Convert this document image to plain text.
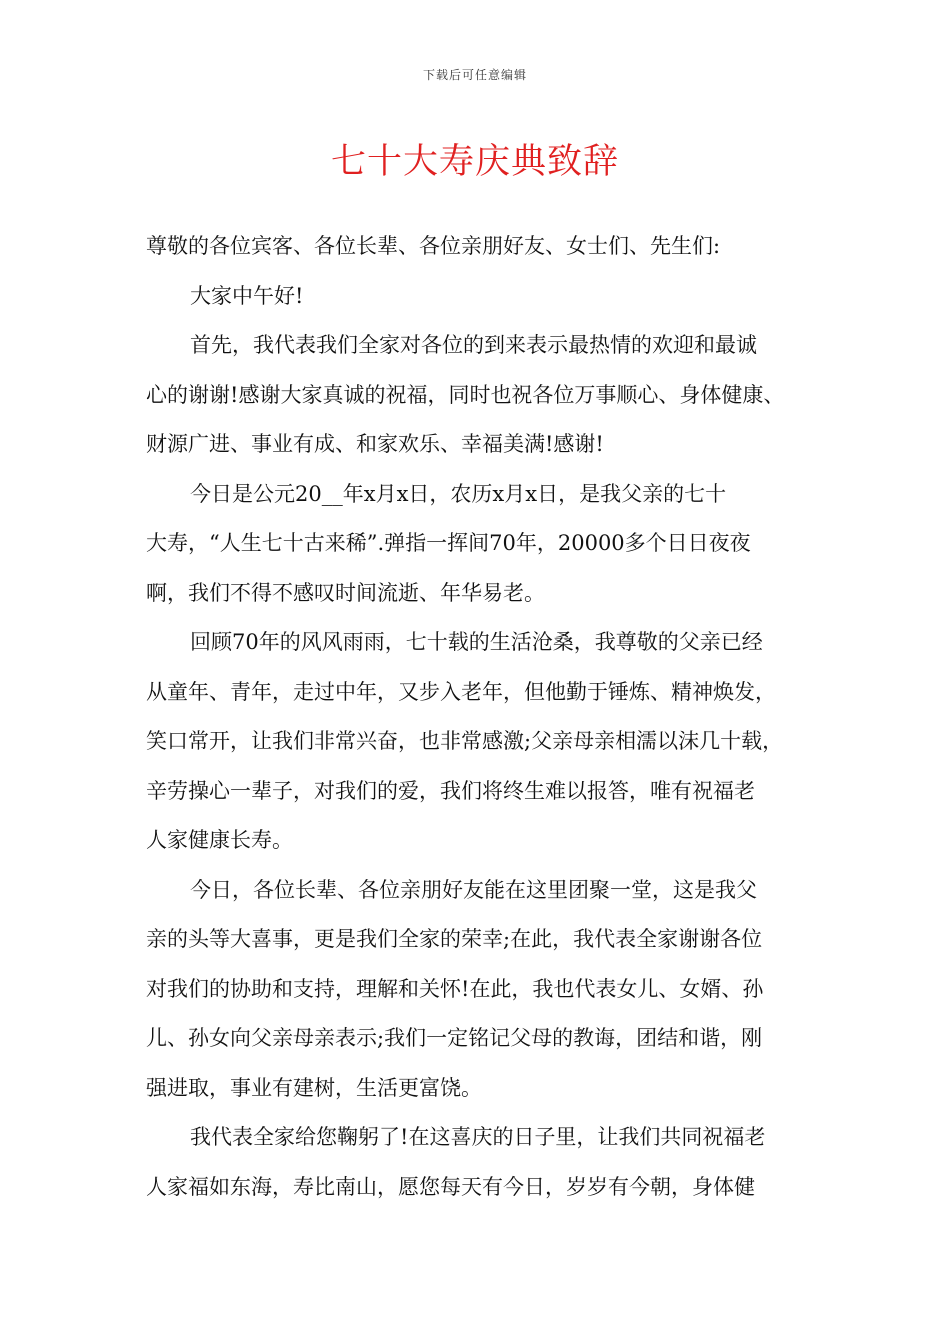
下载后可任意编辑
七十大寿庆典致辞

尊敬的各位宾客、各位长辈、各位亲朋好友、女士们、先生们:

大家中午好!

首先，我代表我们全家对各位的到来表示最热情的欢迎和最诚
心的谢谢!感谢大家真诚的祝福，同时也祝各位万事顺心、身体健康、
财源广进、事业有成、和家欢乐、幸福美满!感谢!

今日是公元20__年x月x日，农历x月x日，是我父亲的七十
大寿，“人生七十古来稀”.弹指一挥间70年，20000多个日日夜夜
啊，我们不得不感叹时间流逝、年华易老。

回顾70年的风风雨雨，七十载的生活沧桑，我尊敬的父亲已经
从童年、青年，走过中年，又步入老年，但他勤于锤炼、精神焕发，
笑口常开，让我们非常兴奋，也非常感激;父亲母亲相濡以沫几十载，
辛劳操心一辈子，对我们的爱，我们将终生难以报答，唯有祝福老
人家健康长寿。

今日，各位长辈、各位亲朋好友能在这里团聚一堂，这是我父
亲的头等大喜事，更是我们全家的荣幸;在此，我代表全家谢谢各位
对我们的协助和支持，理解和关怀!在此，我也代表女儿、女婿、孙
儿、孙女向父亲母亲表示;我们一定铭记父母的教诲，团结和谐，刚
强进取，事业有建树，生活更富饶。

我代表全家给您鞠躬了!在这喜庆的日子里，让我们共同祝福老
人家福如东海，寿比南山，愿您每天有今日，岁岁有今朝，身体健
